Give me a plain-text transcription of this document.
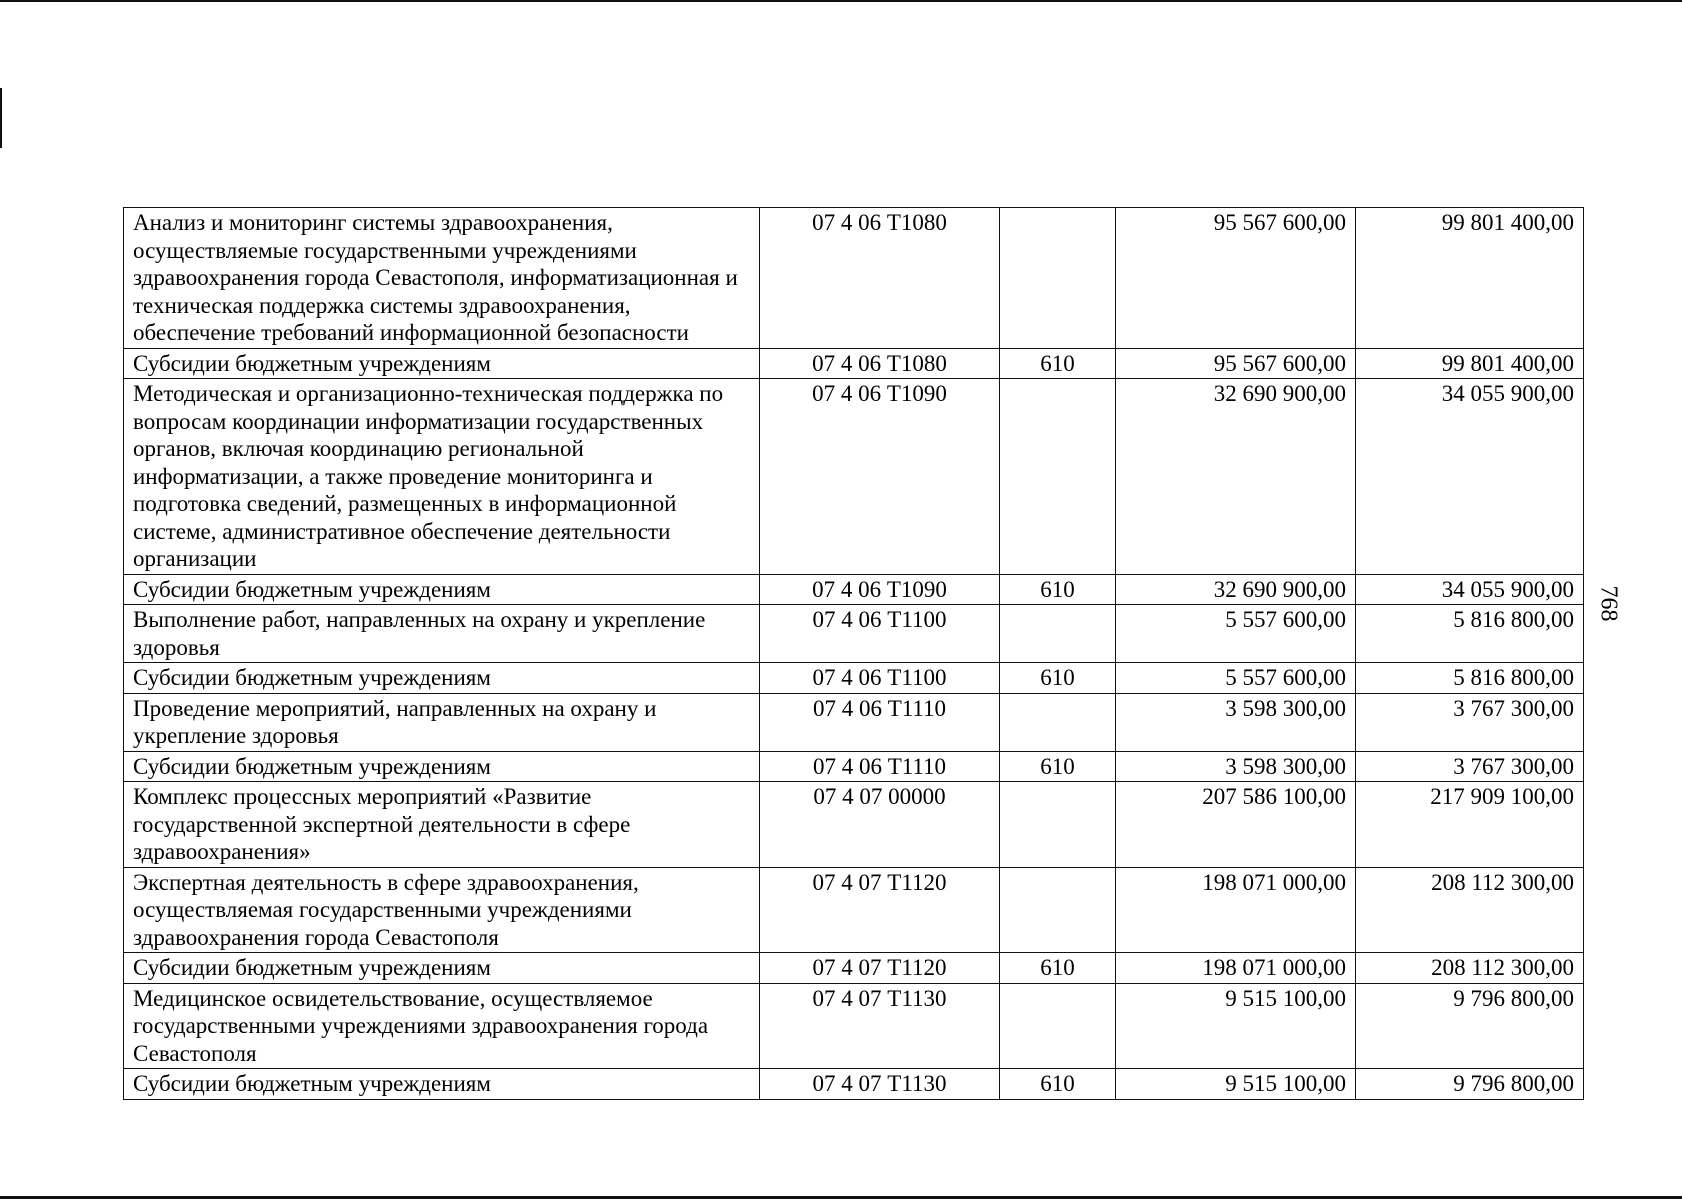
768
Анализ и мониторинг системы здравоохранения, осуществляемые государственными учреждениями здравоохранения города Севастополя, информатизационная и техническая поддержка системы здравоохранения, обеспечение требований информационной безопасности	07 4 06 Т1080		95 567 600,00	99 801 400,00
Субсидии бюджетным учреждениям	07 4 06 Т1080	610	95 567 600,00	99 801 400,00
Методическая и организационно-техническая поддержка по вопросам координации информатизации государственных органов, включая координацию региональной информатизации, а также проведение мониторинга и подготовка сведений, размещенных в информационной системе, административное обеспечение деятельности организации	07 4 06 Т1090		32 690 900,00	34 055 900,00
Субсидии бюджетным учреждениям	07 4 06 Т1090	610	32 690 900,00	34 055 900,00
Выполнение работ, направленных на охрану и укрепление здоровья	07 4 06 Т1100		5 557 600,00	5 816 800,00
Субсидии бюджетным учреждениям	07 4 06 Т1100	610	5 557 600,00	5 816 800,00
Проведение мероприятий, направленных на охрану и укрепление здоровья	07 4 06 Т1110		3 598 300,00	3 767 300,00
Субсидии бюджетным учреждениям	07 4 06 Т1110	610	3 598 300,00	3 767 300,00
Комплекс процессных мероприятий «Развитие государственной экспертной деятельности в сфере здравоохранения»	07 4 07 00000		207 586 100,00	217 909 100,00
Экспертная деятельность в сфере здравоохранения, осуществляемая государственными учреждениями здравоохранения города Севастополя	07 4 07 Т1120		198 071 000,00	208 112 300,00
Субсидии бюджетным учреждениям	07 4 07 Т1120	610	198 071 000,00	208 112 300,00
Медицинское освидетельствование, осуществляемое государственными учреждениями здравоохранения города Севастополя	07 4 07 Т1130		9 515 100,00	9 796 800,00
Субсидии бюджетным учреждениям	07 4 07 Т1130	610	9 515 100,00	9 796 800,00
